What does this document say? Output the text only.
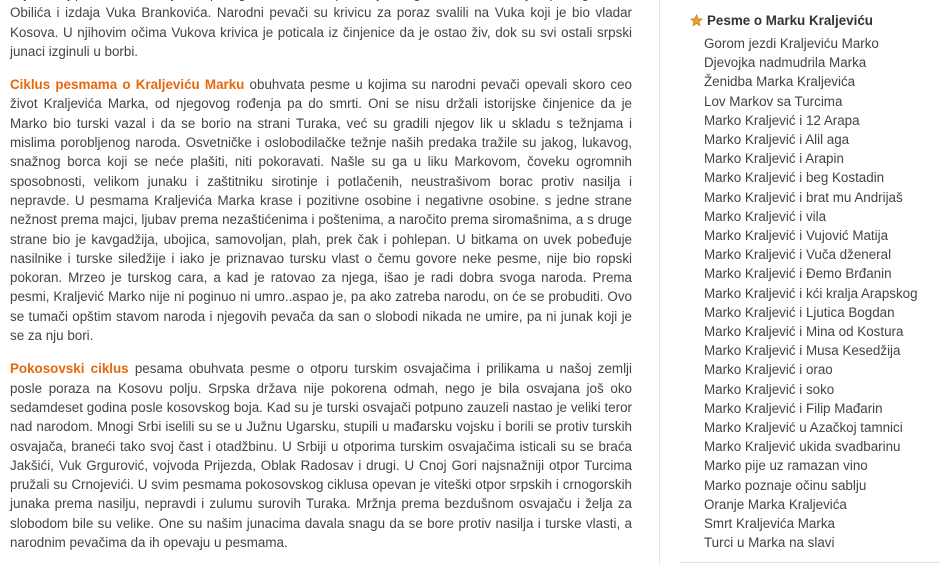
Obilića i izdaja Vuka Brankovića. Narodni pevači su krivicu za poraz svalili na Vuka koji je bio vladar Kosova. U njihovim očima Vukova krivica je poticala iz činjenice da je ostao živ, dok su svi ostali srpski junaci izginuli u borbi.

Ciklus pesmama o Kraljeviću Marku obuhvata pesme u kojima su narodni pevači opevali skoro ceo život Kraljevića Marka, od njegovog rođenja pa do smrti. Oni se nisu držali istorijske činjenice da je Marko bio turski vazal i da se borio na strani Turaka, već su gradili njegov lik u skladu s težnjama i mislima porobljenog naroda. Osvetničke i oslobodilačke težnje naših predaka tražile su jakog, lukavog, snažnog borca koji se neće plašiti, niti pokoravati. Našle su ga u liku Markovom, čoveku ogromnih sposobnosti, velikom junaku i zaštitniku sirotinje i potlačenih, neustrašivom borac protiv nasilja i nepravde. U pesmama Kraljevića Marka krase i pozitivne osobine i negativne osobine. s jedne strane nežnost prema majci, ljubav prema nezaštićenima i poštenima, a naročito prema siromašnima, a s druge strane bio je kavgadžija, ubojica, samovoljan, plah, prek čak i pohlepan. U bitkama on uvek pobeđuje nasilnike i turske siledžije i iako je priznavao tursku vlast o čemu govore neke pesme, nije bio ropski pokoran. Mrzeo je turskog cara, a kad je ratovao za njega, išao je radi dobra svoga naroda. Prema pesmi, Kraljević Marko nije ni poginuo ni umro..aspao je, pa ako zatreba narodu, on će se probuditi. Ovo se tumači opštim stavom naroda i njegovih pevača da san o slobodi nikada ne umire, pa ni junak koji je se za nju bori.

Pokosovski ciklus pesama obuhvata pesme o otporu turskim osvajačima i prilikama u našoj zemlji posle poraza na Kosovu polju. Srpska država nije pokorena odmah, nego je bila osvajana još oko sedamdeset godina posle kosovskog boja. Kad su je turski osvajači potpuno zauzeli nastao je veliki teror nad narodom. Mnogi Srbi iselili su se u Južnu Ugarsku, stupili u mađarsku vojsku i borili se protiv turskih osvajača, braneći tako svoj čast i otadžbinu. U Srbiji u otporima turskim osvajačima isticali su se braća Jakšići, Vuk Grgurović, vojvoda Prijezda, Oblak Radosav i drugi. U Cnoj Gori najsnažniji otpor Turcima pružali su Crnojevići. U svim pesmama pokosovskog ciklusa opevan je viteški otpor srpskih i crnogorskih junaka prema nasilju, nepravdi i zulumu surovih Turaka. Mržnja prema bezdušnom osvajaču i želja za slobodom bile su velike. One su našim junacima davala snagu da se bore protiv nasilja i turske vlasti, a narodnim pevačima da ih opevaju u pesmama.

Pesme o Marku Kraljeviću
Gorom jezdi Kraljeviću Marko
Djevojka nadmudrila Marka
Ženidba Marka Kraljevića
Lov Markov sa Turcima
Marko Kraljević i 12 Arapa
Marko Kraljević i Alil aga
Marko Kraljević i Arapin
Marko Kraljević i beg Kostadin
Marko Kraljević i brat mu Andrijaš
Marko Kraljević i vila
Marko Kraljević i Vujović Matija
Marko Kraljević i Vuča dženeral
Marko Kraljević i Đemo Brđanin
Marko Kraljević i kći kralja Arapskog
Marko Kraljević i Ljutica Bogdan
Marko Kraljević i Mina od Kostura
Marko Kraljević i Musa Kesedžija
Marko Kraljević i orao
Marko Kraljević i soko
Marko Kraljević i Filip Mađarin
Marko Kraljević u Azačkoj tamnici
Marko Kraljević ukida svadbarinu
Marko pije uz ramazan vino
Marko poznaje očinu sablju
Oranje Marka Kraljevića
Smrt Kraljevića Marka
Turci u Marka na slavi
